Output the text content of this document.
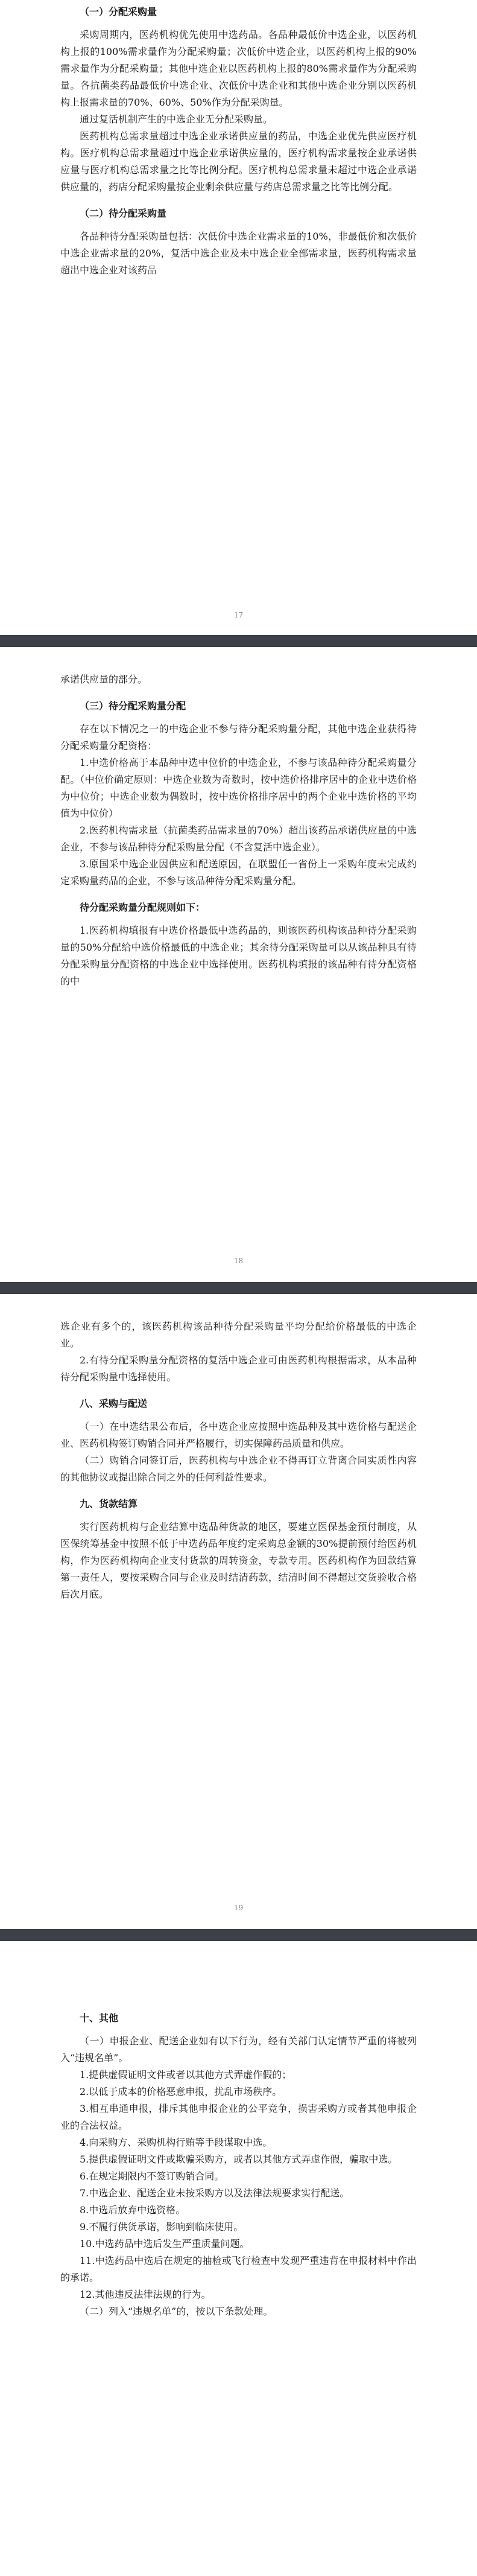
（一）分配采购量

采购周期内，医药机构优先使用中选药品。各品种最低价中选企业，以医药机构上报的100%需求量作为分配采购量；次低价中选企业，以医药机构上报的90%需求量作为分配采购量；其他中选企业以医药机构上报的80%需求量作为分配采购量。各抗菌类药品最低价中选企业、次低价中选企业和其他中选企业分别以医药机构上报需求量的70%、60%、50%作为分配采购量。

通过复活机制产生的中选企业无分配采购量。

医药机构总需求量超过中选企业承诺供应量的药品，中选企业优先供应医疗机构。医疗机构总需求量超过中选企业承诺供应量的，医疗机构需求量按企业承诺供应量与医疗机构总需求量之比等比例分配。医疗机构总需求量未超过中选企业承诺供应量的，药店分配采购量按企业剩余供应量与药店总需求量之比等比例分配。

（二）待分配采购量

各品种待分配采购量包括：次低价中选企业需求量的10%，非最低价和次低价中选企业需求量的20%，复活中选企业及未中选企业全部需求量，医药机构需求量超出中选企业对该药品

17

承诺供应量的部分。

（三）待分配采购量分配

存在以下情况之一的中选企业不参与待分配采购量分配，其他中选企业获得待分配采购量分配资格：

1.中选价格高于本品种中选中位价的中选企业，不参与该品种待分配采购量分配。（中位价确定原则：中选企业数为奇数时，按中选价格排序居中的企业中选价格为中位价；中选企业数为偶数时，按中选价格排序居中的两个企业中选价格的平均值为中位价）

2.医药机构需求量（抗菌类药品需求量的70%）超出该药品承诺供应量的中选企业，不参与该品种待分配采购量分配（不含复活中选企业）。

3.原国采中选企业因供应和配送原因，在联盟任一省份上一采购年度未完成约定采购量药品的企业，不参与该品种待分配采购量分配。

待分配采购量分配规则如下：

1.医药机构填报有中选价格最低中选药品的，则该医药机构该品种待分配采购量的50%分配给中选价格最低的中选企业；其余待分配采购量可以从该品种具有待分配采购量分配资格的中选企业中选择使用。医药机构填报的该品种有待分配资格的中

18

选企业有多个的，该医药机构该品种待分配采购量平均分配给价格最低的中选企业。

2.有待分配采购量分配资格的复活中选企业可由医药机构根据需求，从本品种待分配采购量中选择使用。

八、采购与配送

（一）在中选结果公布后，各中选企业应按照中选品种及其中选价格与配送企业、医药机构签订购销合同并严格履行，切实保障药品质量和供应。

（二）购销合同签订后，医药机构与中选企业不得再订立背离合同实质性内容的其他协议或提出除合同之外的任何利益性要求。

九、货款结算

实行医药机构与企业结算中选品种货款的地区，要建立医保基金预付制度，从医保统筹基金中按照不低于中选药品年度约定采购总金额的30%提前预付给医药机构，作为医药机构向企业支付货款的周转资金，专款专用。医药机构作为回款结算第一责任人，要按采购合同与企业及时结清药款，结清时间不得超过交货验收合格后次月底。

19

十、其他

（一）申报企业、配送企业如有以下行为，经有关部门认定情节严重的将被列入“违规名单”。

1.提供虚假证明文件或者以其他方式弄虚作假的；

2.以低于成本的价格恶意申报，扰乱市场秩序。

3.相互串通申报，排斥其他申报企业的公平竞争，损害采购方或者其他申报企业的合法权益。

4.向采购方、采购机构行贿等手段谋取中选。

5.提供虚假证明文件或欺骗采购方，或者以其他方式弄虚作假，骗取中选。

6.在规定期限内不签订购销合同。

7.中选企业、配送企业未按采购方以及法律法规要求实行配送。

8.中选后放弃中选资格。

9.不履行供货承诺，影响到临床使用。

10.中选药品中选后发生严重质量问题。

11.中选药品中选后在规定的抽检或飞行检查中发现严重违背在申报材料中作出的承诺。

12.其他违反法律法规的行为。

（二）列入“违规名单”的，按以下条款处理。
